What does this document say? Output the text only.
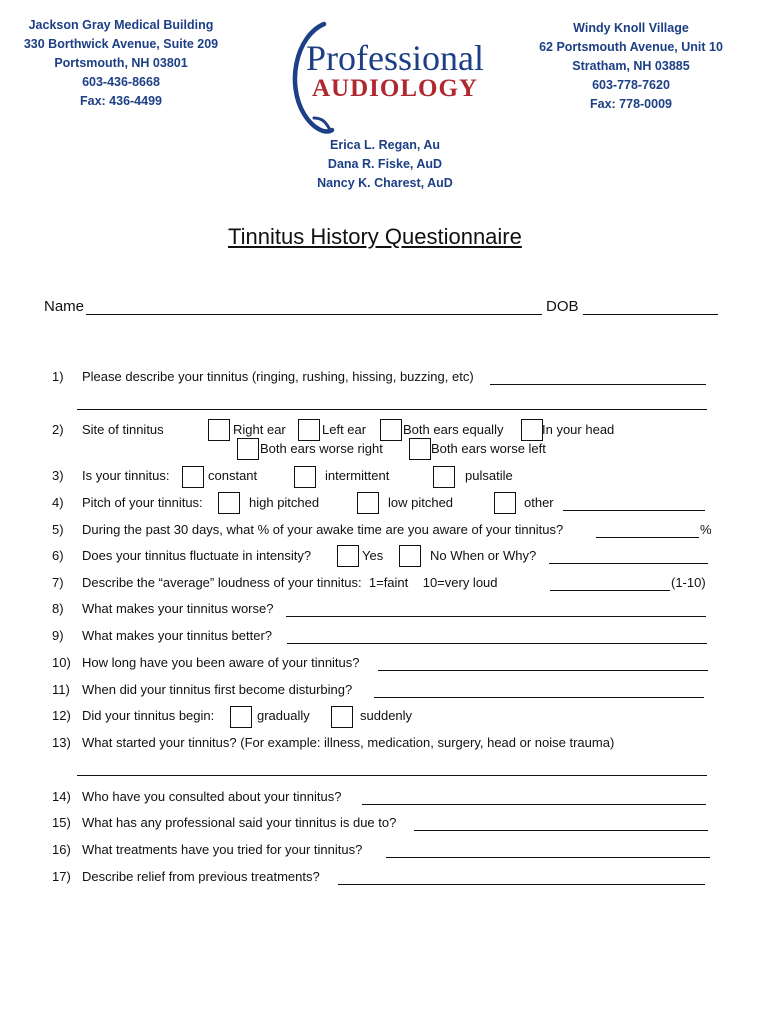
Jackson Gray Medical Building
330 Borthwick Avenue, Suite 209
Portsmouth, NH 03801
603-436-8668
Fax: 436-4499
Windy Knoll Village
62 Portsmouth Avenue, Unit 10
Stratham, NH 03885
603-778-7620
Fax: 778-0009
Professional
AUDIOLOGY
Erica L. Regan, Au
Dana R. Fiske, AuD
Nancy K. Charest, AuD
Tinnitus History Questionnaire
Name	DOB
1) Please describe your tinnitus (ringing, rushing, hissing, buzzing, etc)
2) Site of tinnitus	Right ear	Left ear	Both ears equally	In your head
Both ears worse right	Both ears worse left
3) Is your tinnitus:	constant	intermittent	pulsatile
4) Pitch of your tinnitus:	high pitched	low pitched	other
5) During the past 30 days, what % of your awake time are you aware of your tinnitus?	%
6) Does your tinnitus fluctuate in intensity?	Yes	No When or Why?
7) Describe the “average” loudness of your tinnitus:  1=faint    10=very loud	(1-10)
8) What makes your tinnitus worse?
9) What makes your tinnitus better?
10) How long have you been aware of your tinnitus?
11) When did your tinnitus first become disturbing?
12) Did your tinnitus begin:	gradually	suddenly
13) What started your tinnitus? (For example: illness, medication, surgery, head or noise trauma)
14) Who have you consulted about your tinnitus?
15) What has any professional said your tinnitus is due to?
16) What treatments have you tried for your tinnitus?
17) Describe relief from previous treatments?
